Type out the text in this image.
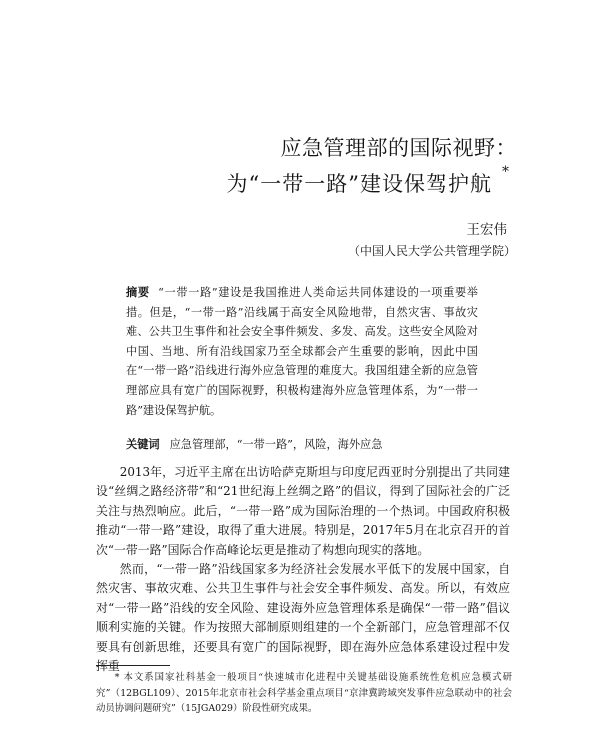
应急管理部的国际视野：
为“一带一路”建设保驾护航 *
王宏伟
（中国人民大学公共管理学院）
摘要 “一带一路”建设是我国推进人类命运共同体建设的一项重要举措。但是，“一带一路”沿线属于高安全风险地带，自然灾害、事故灾难、公共卫生事件和社会安全事件频发、多发、高发。这些安全风险对中国、当地、所有沿线国家乃至全球都会产生重要的影响，因此中国在“一带一路”沿线进行海外应急管理的难度大。我国组建全新的应急管理部应具有宽广的国际视野，积极构建海外应急管理体系，为“一带一路”建设保驾护航。
关键词 应急管理部，“一带一路”，风险，海外应急

2013年，习近平主席在出访哈萨克斯坦与印度尼西亚时分别提出了共同建设“丝绸之路经济带”和“21世纪海上丝绸之路”的倡议，得到了国际社会的广泛关注与热烈响应。此后，“一带一路”成为国际治理的一个热词。中国政府积极推动“一带一路”建设，取得了重大进展。特别是，2017年5月在北京召开的首次“一带一路”国际合作高峰论坛更是推动了构想向现实的落地。

然而，“一带一路”沿线国家多为经济社会发展水平低下的发展中国家，自然灾害、事故灾难、公共卫生事件与社会安全事件频发、高发。所以，有效应对“一带一路”沿线的安全风险、建设海外应急管理体系是确保“一带一路”倡议顺利实施的关键。作为按照大部制原则组建的一个全新部门，应急管理部不仅要具有创新思维，还要具有宽广的国际视野，即在海外应急体系建设过程中发挥重

* 本文系国家社科基金一般项目“快速城市化进程中关键基础设施系统性危机应急模式研究”（12BGL109）、2015年北京市社会科学基金重点项目“京津冀跨域突发事件应急联动中的社会动员协调问题研究”（15JGA029）阶段性研究成果。
